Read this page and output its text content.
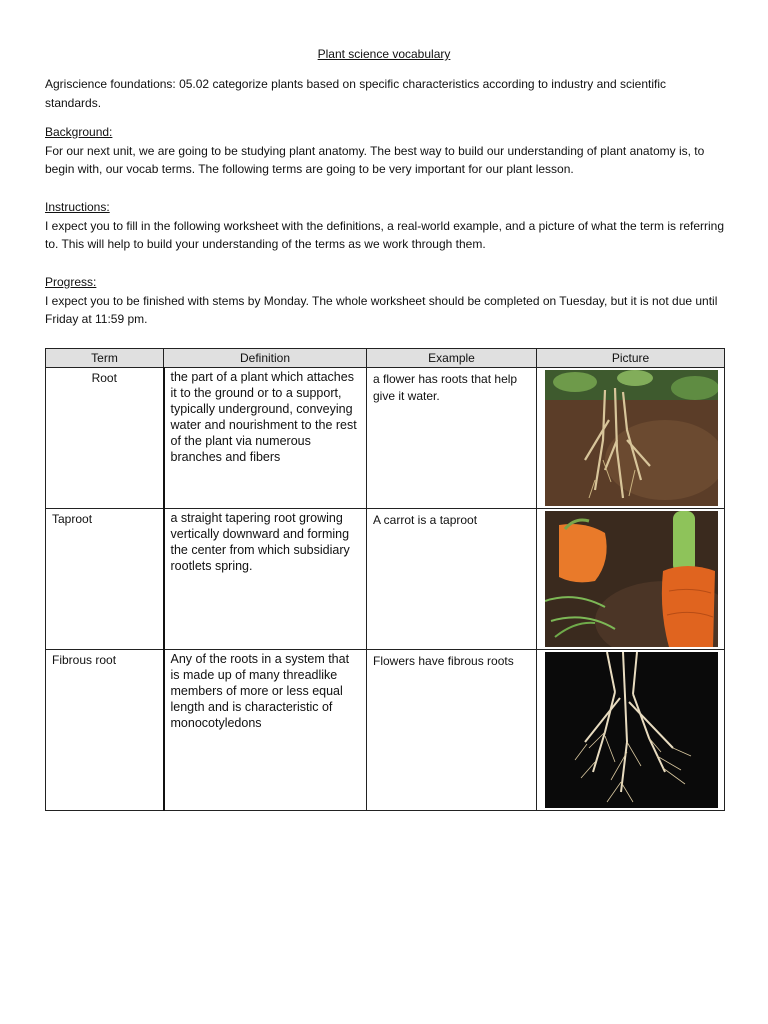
Plant science vocabulary
Agriscience foundations: 05.02 categorize plants based on specific characteristics according to industry and scientific standards.
Background:
For our next unit, we are going to be studying plant anatomy. The best way to build our understanding of plant anatomy is, to begin with, our vocab terms. The following terms are going to be very important for our plant lesson.
Instructions:
I expect you to fill in the following worksheet with the definitions, a real-world example, and a picture of what the term is referring to. This will help to build your understanding of the terms as we work through them.
Progress:
I expect you to be finished with stems by Monday. The whole worksheet should be completed on Tuesday, but it is not due until Friday at 11:59 pm.
Term	Definition	Example	Picture
Root	the part of a plant which attaches it to the ground or to a support, typically underground, conveying water and nourishment to the rest of the plant via numerous branches and fibers	a flower has roots that help give it water.	

Taproot	a straight tapering root growing vertically downward and forming the center from which subsidiary rootlets spring.	A carrot is a taproot	

Fibrous root	Any of the roots in a system that is made up of many threadlike members of more or less equal length and is characteristic of monocotyledons	Flowers have fibrous roots	
